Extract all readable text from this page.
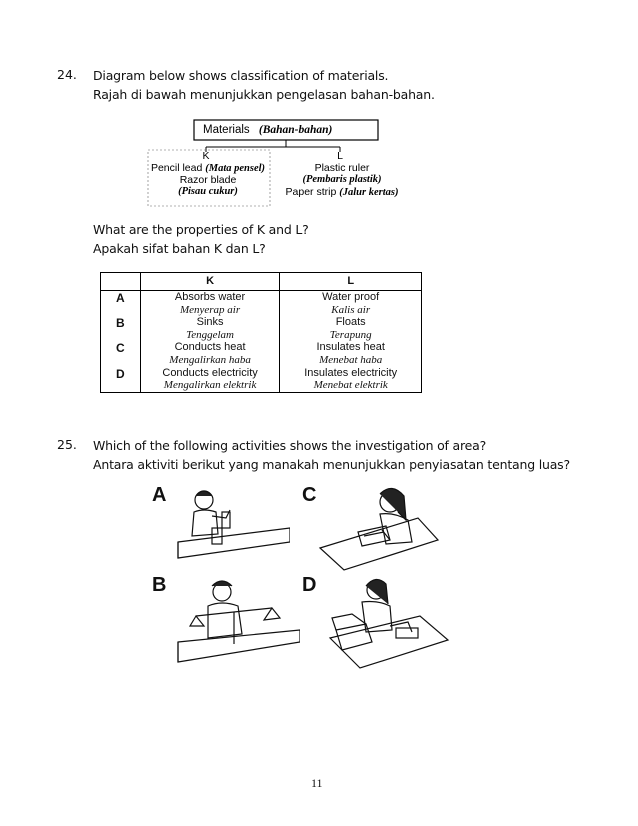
24. Diagram below shows classification of materials.
Rajah di bawah menunjukkan pengelasan bahan-bahan.
Materials (Bahan-bahan)
K	L
Pencil lead (Mata pensel)
Razor blade
(Pisau cukur)
Plastic ruler
(Pembaris plastik)
Paper strip (Jalur kertas)
What are the properties of K and L?
Apakah sifat bahan K dan L?
	K	L
A	Absorbs water	Water proof
	Menyerap air	Kalis air
B	Sinks	Floats
	Tenggelam	Terapung
C	Conducts heat	Insulates heat
	Mengalirkan haba	Menebat haba
D	Conducts electricity	Insulates electricity
	Mengalirkan elektrik	Menebat elektrik
25. Which of the following activities shows the investigation of area?
Antara aktiviti berikut yang manakah menunjukkan penyiasatan tentang luas?
A	C
B	D
11
